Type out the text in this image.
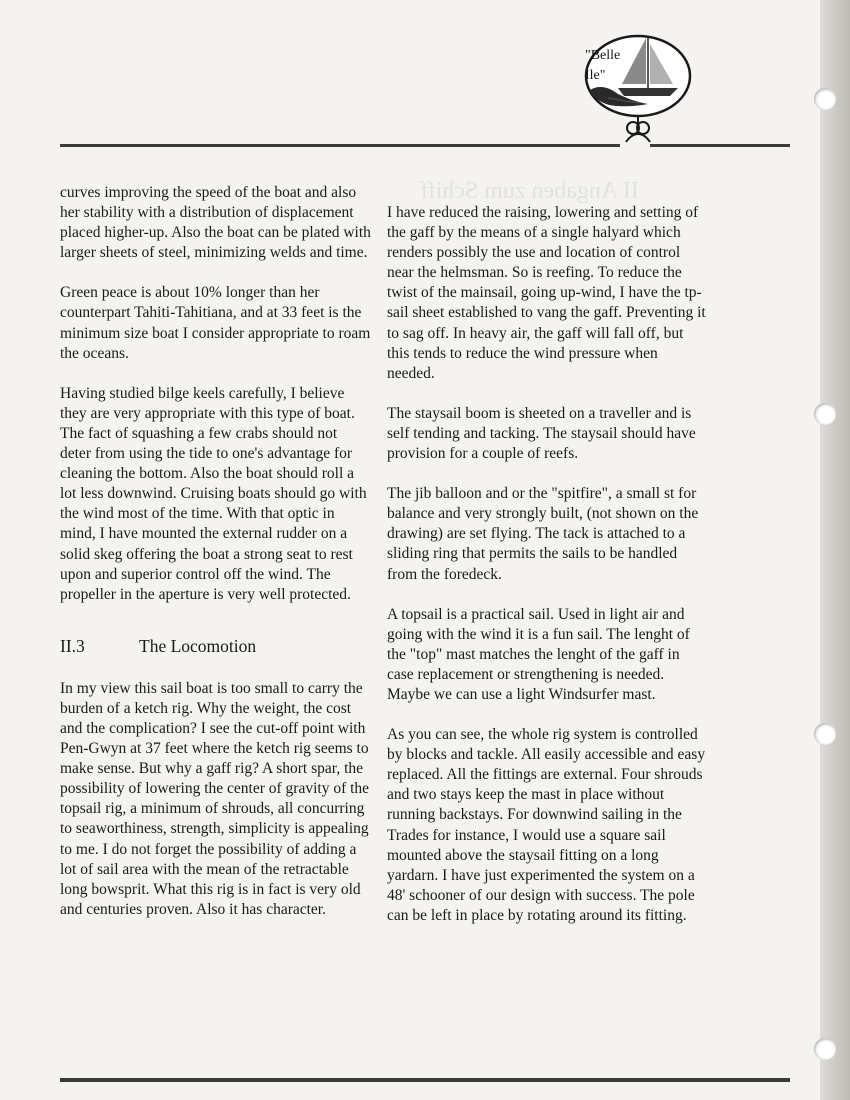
II Angaben zum Schiff
"Belle
Ile"

curves improving the speed of the boat and also her stability with a distribution of displacement placed higher-up. Also the boat can be plated with larger sheets of steel, minimizing welds and time.

Green peace is about 10% longer than her counterpart Tahiti-Tahitiana, and at 33 feet is the minimum size boat I consider appropriate to roam the oceans.

Having studied bilge keels carefully, I believe they are very appropriate with this type of boat. The fact of squashing a few crabs should not deter from using the tide to one's advantage for cleaning the bottom. Also the boat should roll a lot less downwind. Cruising boats should go with the wind most of the time. With that optic in mind, I have mounted the external rudder on a solid skeg offering the boat a strong seat to rest upon and superior control off the wind. The propeller in the aperture is very well protected.

II.3	The Locomotion

In my view this sail boat is too small to carry the burden of a ketch rig. Why the weight, the cost and the complication? I see the cut-off point with Pen-Gwyn at 37 feet where the ketch rig seems to make sense. But why a gaff rig? A short spar, the possibility of lowering the center of gravity of the topsail rig, a minimum of shrouds, all concurring to seaworthiness, strength, simplicity is appealing to me. I do not forget the possibility of adding a lot of sail area with the mean of the retractable long bowsprit. What this rig is in fact is very old and centuries proven. Also it has character.

I have reduced the raising, lowering and setting of the gaff by the means of a single halyard which renders possibly the use and location of control near the helmsman. So is reefing. To reduce the twist of the mainsail, going up-wind, I have the tp-sail sheet established to vang the gaff. Preventing it to sag off. In heavy air, the gaff will fall off, but this tends to reduce the wind pressure when needed.

The staysail boom is sheeted on a traveller and is self tending and tacking. The staysail should have provision for a couple of reefs.

The jib balloon and or the "spitfire", a small st for balance and very strongly built, (not shown on the drawing) are set flying. The tack is attached to a sliding ring that permits the sails to be handled from the foredeck.

A topsail is a practical sail. Used in light air and going with the wind it is a fun sail. The lenght of the "top" mast matches the lenght of the gaff in case replacement or strengthening is needed. Maybe we can use a light Windsurfer mast.

As you can see, the whole rig system is controlled by blocks and tackle. All easily accessible and easy replaced. All the fittings are external. Four shrouds and two stays keep the mast in place without running backstays. For downwind sailing in the Trades for instance, I would use a square sail mounted above the staysail fitting on a long yardarn. I have just experimented the system on a 48' schooner of our design with success. The pole can be left in place by rotating around its fitting.
